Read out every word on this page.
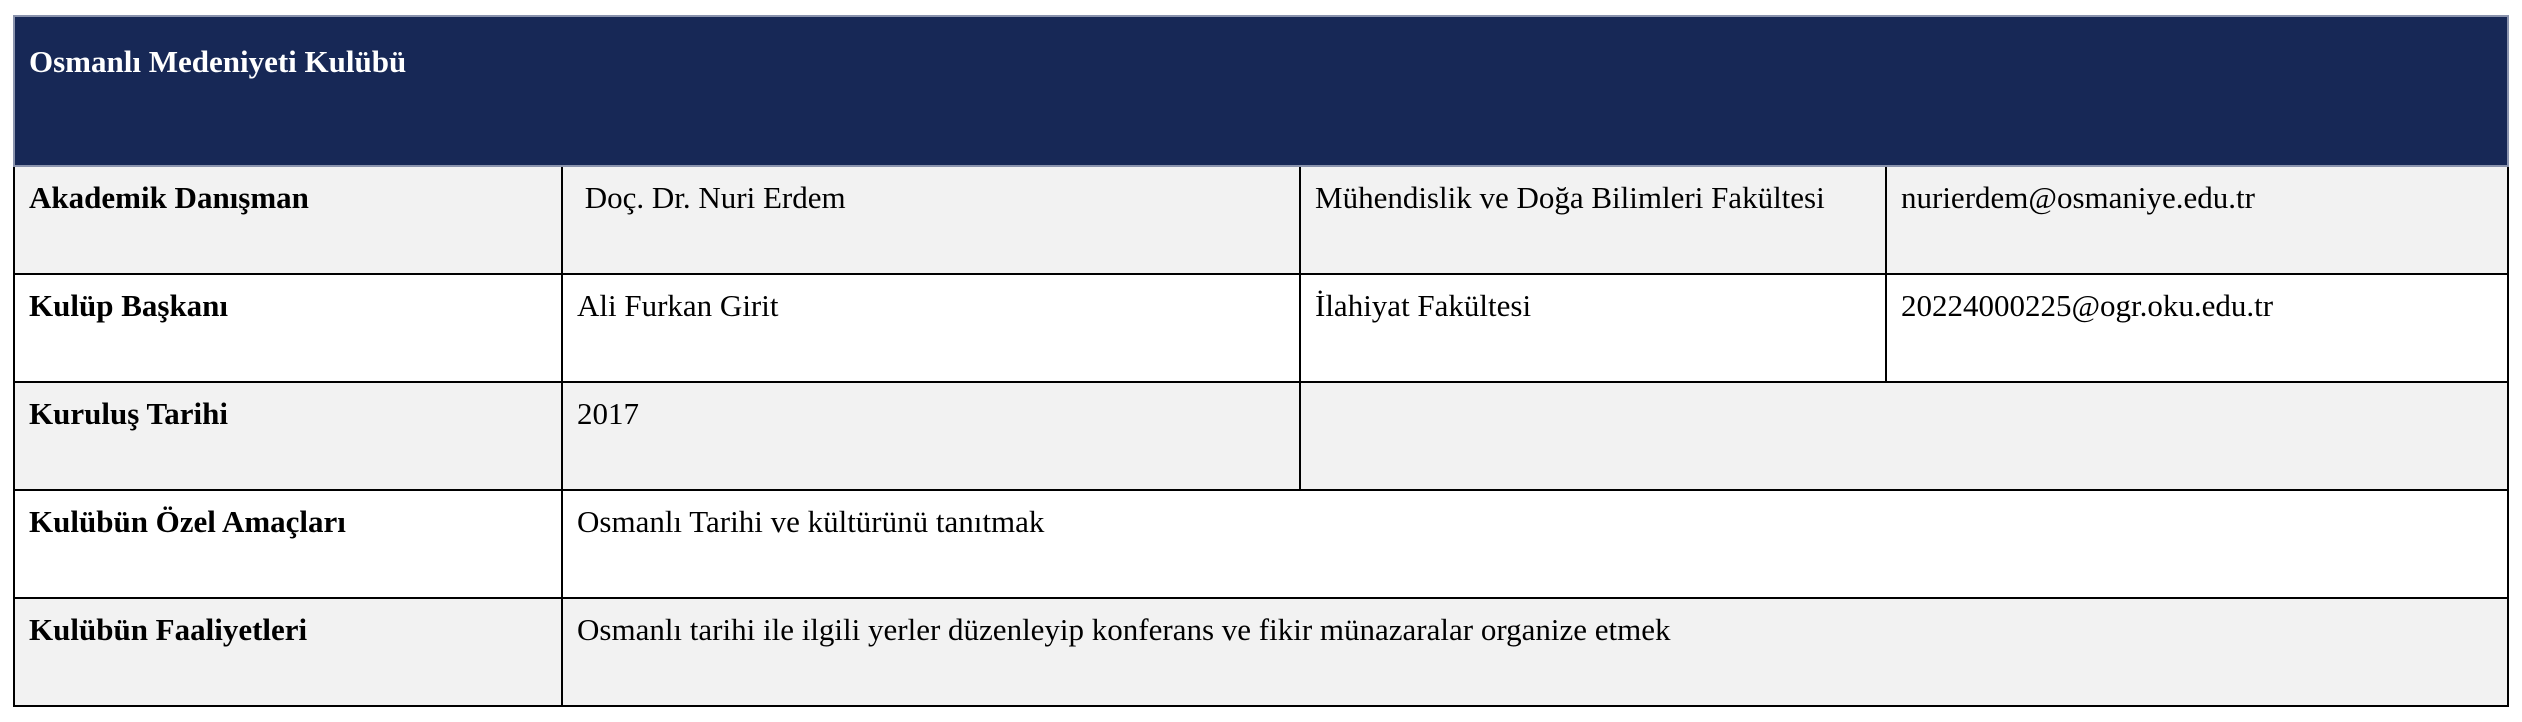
Osmanlı Medeniyeti Kulübü			
Akademik Danışman	Doç. Dr. Nuri Erdem	Mühendislik ve Doğa Bilimleri Fakültesi	nurierdem@osmaniye.edu.tr
Kulüp Başkanı	Ali Furkan Girit	İlahiyat Fakültesi	20224000225@ogr.oku.edu.tr
Kuruluş Tarihi	2017		
Kulübün Özel Amaçları	Osmanlı Tarihi ve kültürünü tanıtmak		
Kulübün Faaliyetleri	Osmanlı tarihi ile ilgili yerler düzenleyip konferans ve fikir münazaralar organize etmek		
